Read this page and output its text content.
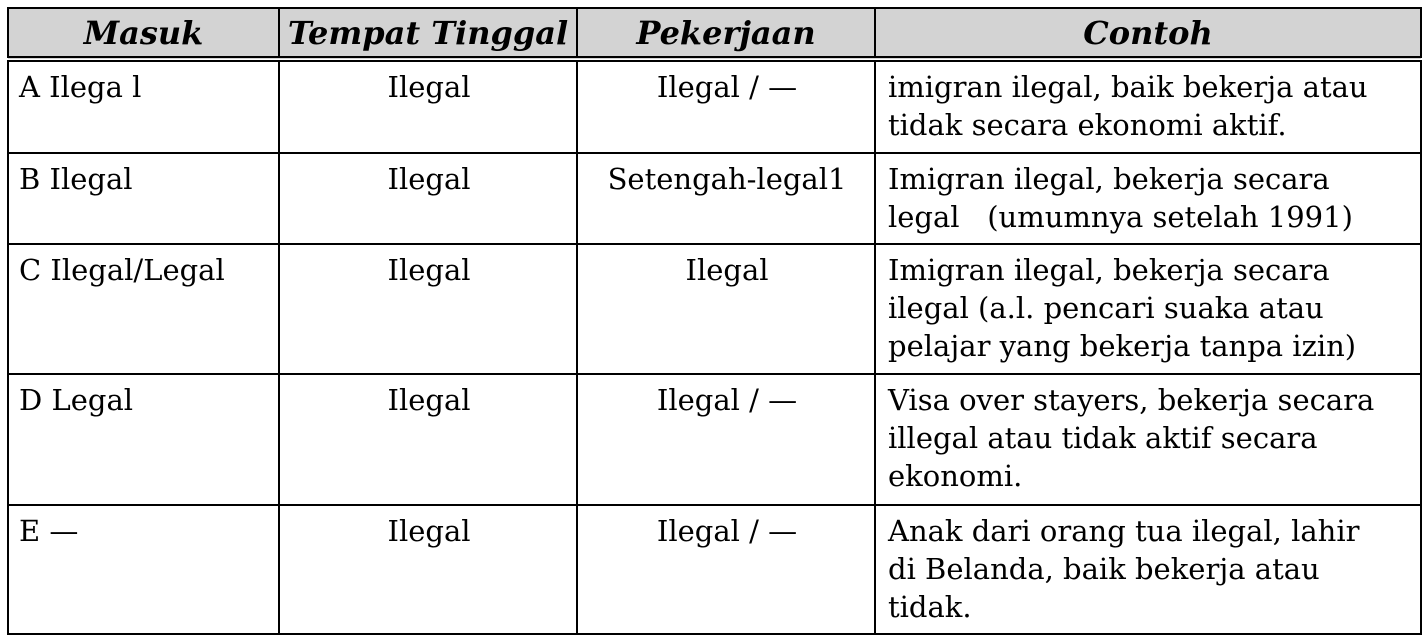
Masuk	Tempat Tinggal	Pekerjaan	Contoh
A Ilega l	Ilegal	Ilegal / —	imigran ilegal, baik bekerja atau
tidak secara ekonomi aktif.

B Ilegal	Ilegal	Setengah-legal1	Imigran ilegal, bekerja secara
legal   (umumnya setelah 1991)

C Ilegal/Legal	Ilegal	Ilegal	Imigran ilegal, bekerja secara
ilegal (a.l. pencari suaka atau
pelajar yang bekerja tanpa izin)

D Legal	Ilegal	Ilegal / —	Visa over stayers, bekerja secara
illegal atau tidak aktif secara
ekonomi.

E —	Ilegal	Ilegal / —	Anak dari orang tua ilegal, lahir
di Belanda, baik bekerja atau
tidak.
